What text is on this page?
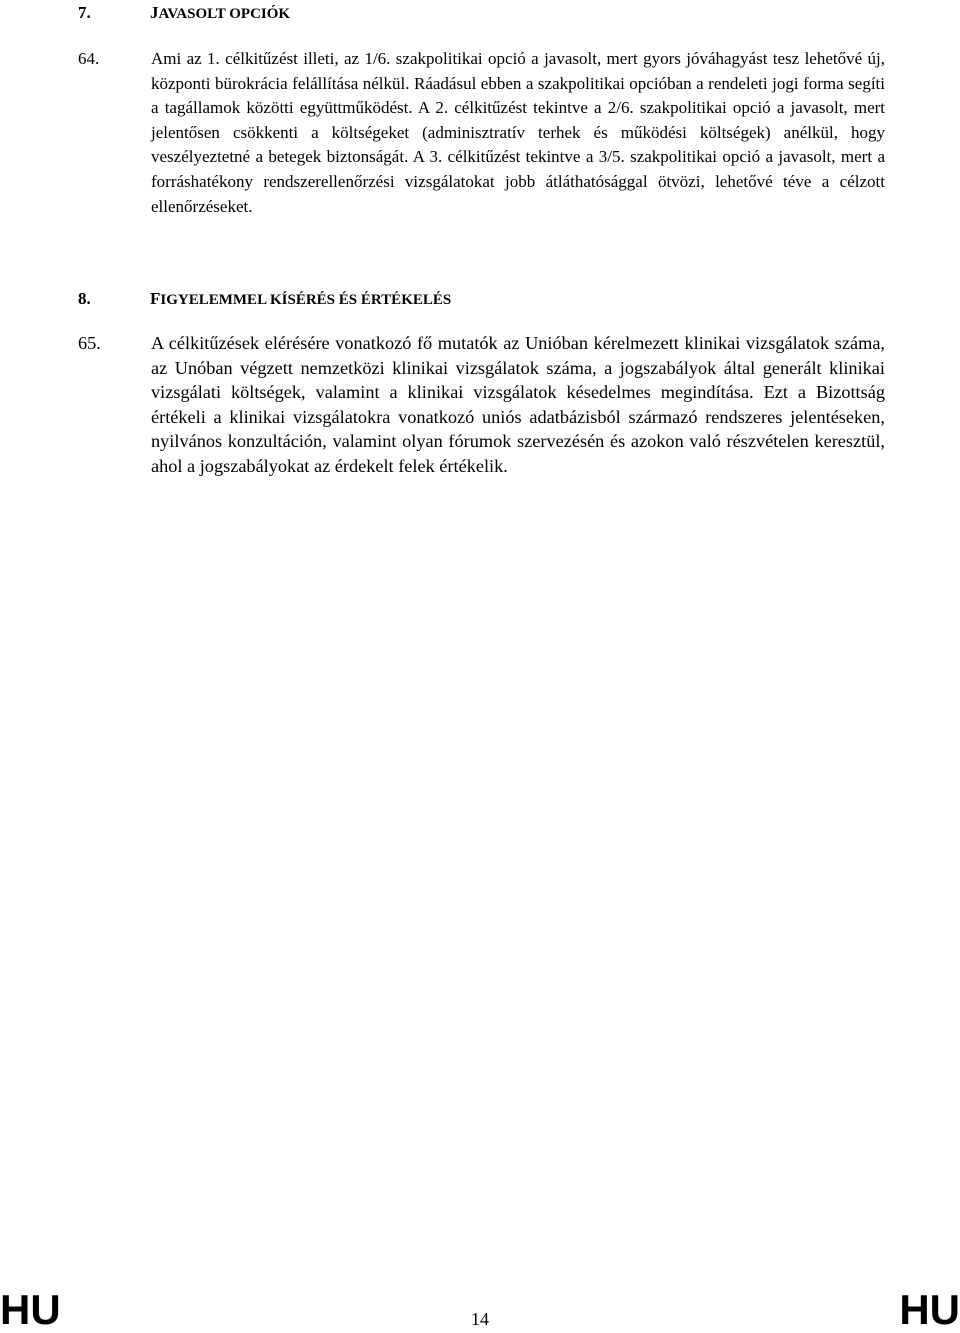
7.	JAVASOLT OPCIÓK
64.	Ami az 1. célkitűzést illeti, az 1/6. szakpolitikai opció a javasolt, mert gyors jóváhagyást tesz lehetővé új, központi bürokrácia felállítása nélkül. Ráadásul ebben a szakpolitikai opcióban a rendeleti jogi forma segíti a tagállamok közötti együttműködést. A 2. célkitűzést tekintve a 2/6. szakpolitikai opció a javasolt, mert jelentősen csökkenti a költségeket (adminisztratív terhek és működési költségek) anélkül, hogy veszélyeztetné a betegek biztonságát. A 3. célkitűzést tekintve a 3/5. szakpolitikai opció a javasolt, mert a forráshatékony rendszerellenőrzési vizsgálatokat jobb átláthatósággal ötvözi, lehetővé téve a célzott ellenőrzéseket.
8.	FIGYELEMMEL KÍSÉRÉS ÉS ÉRTÉKELÉS
65.	A célkitűzések elérésére vonatkozó fő mutatók az Unióban kérelmezett klinikai vizsgálatok száma, az Unóban végzett nemzetközi klinikai vizsgálatok száma, a jogszabályok által generált klinikai vizsgálati költségek, valamint a klinikai vizsgálatok késedelmes megindítása. Ezt a Bizottság értékeli a klinikai vizsgálatokra vonatkozó uniós adatbázisból származó rendszeres jelentéseken, nyilvános konzultáción, valamint olyan fórumok szervezésén és azokon való részvételen keresztül, ahol a jogszabályokat az érdekelt felek értékelik.
HU	14	HU
